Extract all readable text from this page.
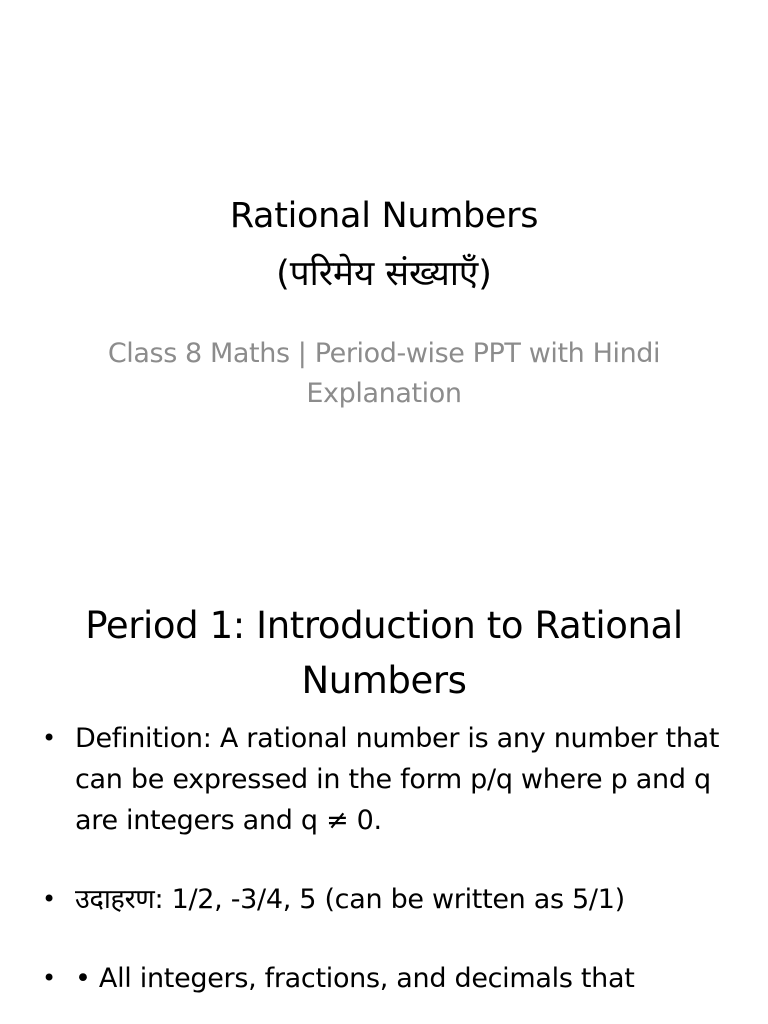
Rational Numbers
(परिमेय संख्याएँ)
Class 8 Maths | Period-wise PPT with Hindi Explanation
Period 1: Introduction to Rational Numbers
• Definition: A rational number is any number that can be expressed in the form p/q where p and q are integers and q ≠ 0.
• उदाहरण: 1/2, -3/4, 5 (can be written as 5/1)
• • All integers, fractions, and decimals that
